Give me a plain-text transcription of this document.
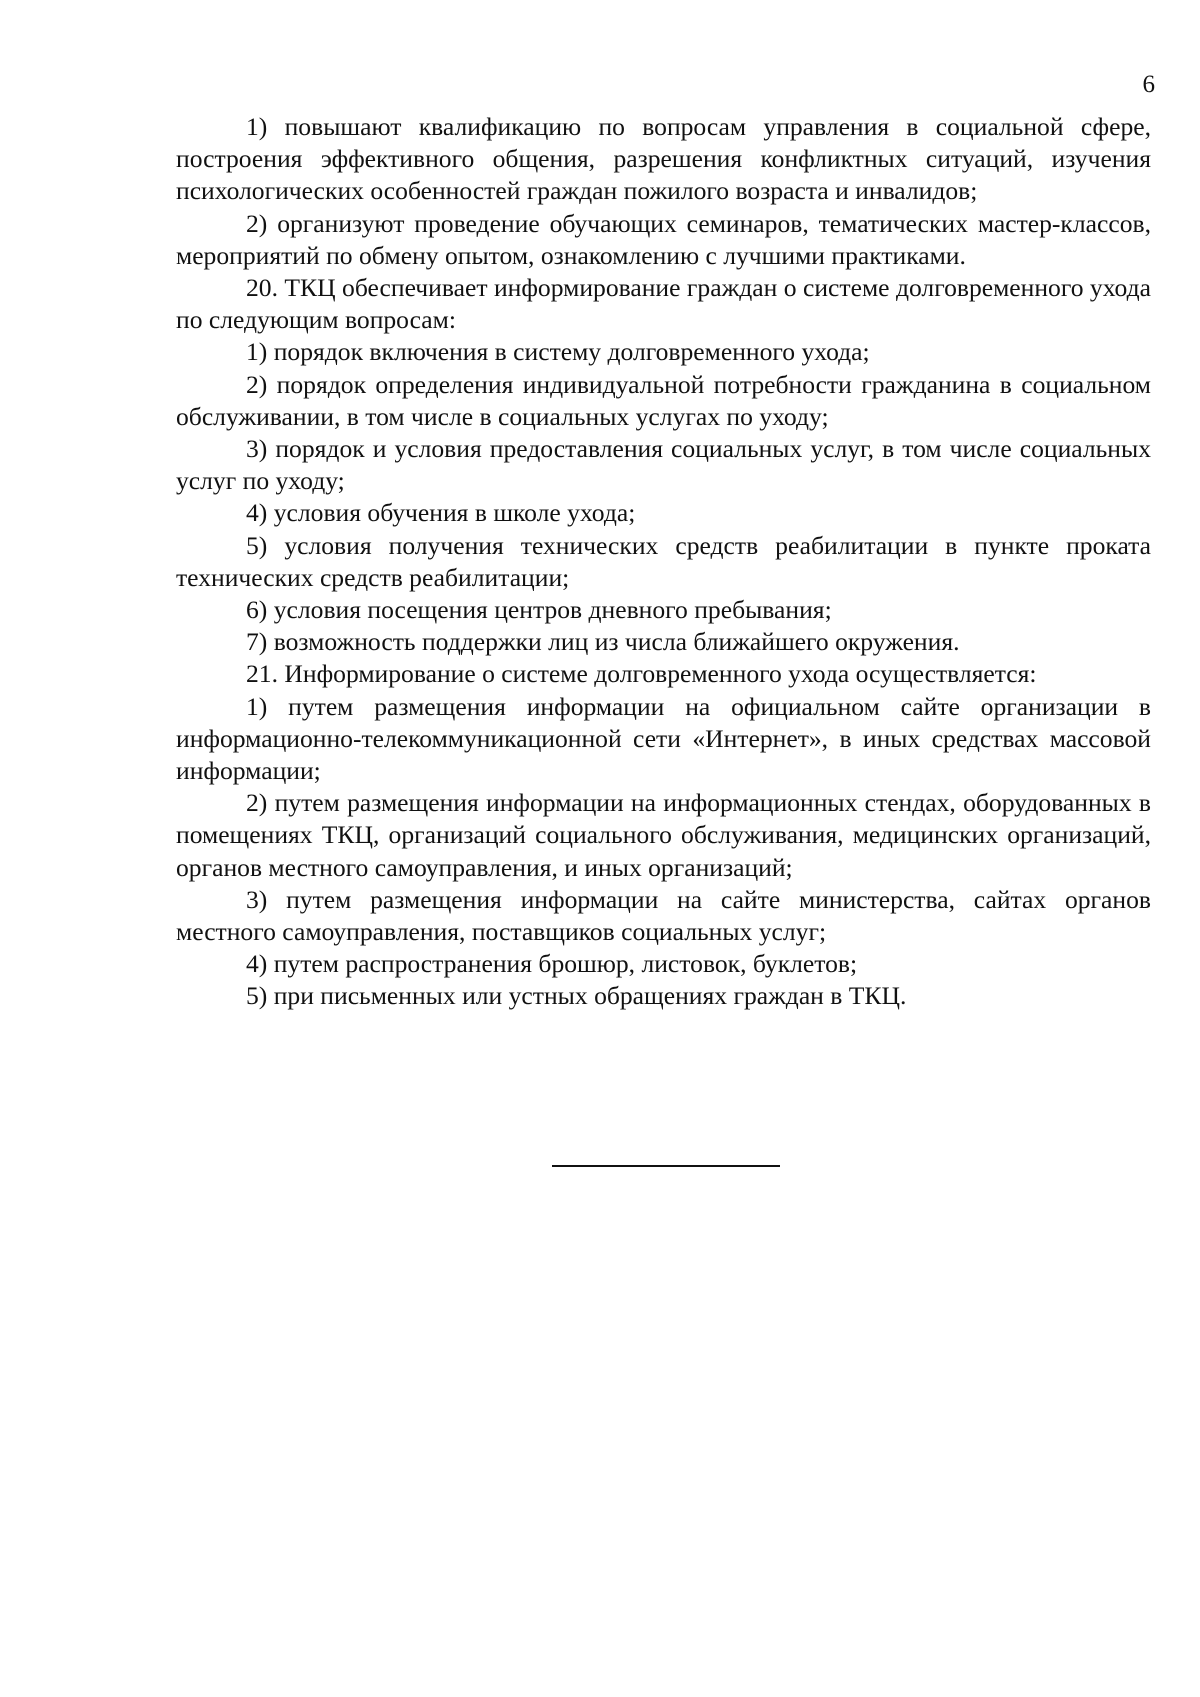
6

1) повышают квалификацию по вопросам управления в социальной сфере, построения эффективного общения, разрешения конфликтных ситуаций, изучения психологических особенностей граждан пожилого возраста и инвалидов;

2) организуют проведение обучающих семинаров, тематических мастер-классов, мероприятий по обмену опытом, ознакомлению с лучшими практиками.

20. ТКЦ обеспечивает информирование граждан о системе долговременного ухода по следующим вопросам:

1) порядок включения в систему долговременного ухода;

2) порядок определения индивидуальной потребности гражданина в социальном обслуживании, в том числе в социальных услугах по уходу;

3) порядок и условия предоставления социальных услуг, в том числе социальных услуг по уходу;

4) условия обучения в школе ухода;

5) условия получения технических средств реабилитации в пункте проката технических средств реабилитации;

6) условия посещения центров дневного пребывания;

7) возможность поддержки лиц из числа ближайшего окружения.

21. Информирование о системе долговременного ухода осуществляется:

1) путем размещения информации на официальном сайте организации в информационно-телекоммуникационной сети «Интернет», в иных средствах массовой информации;

2) путем размещения информации на информационных стендах, оборудованных в помещениях ТКЦ, организаций социального обслуживания, медицинских организаций, органов местного самоуправления, и иных организаций;

3) путем размещения информации на сайте министерства, сайтах органов местного самоуправления, поставщиков социальных услуг;

4) путем распространения брошюр, листовок, буклетов;

5) при письменных или устных обращениях граждан в ТКЦ.
